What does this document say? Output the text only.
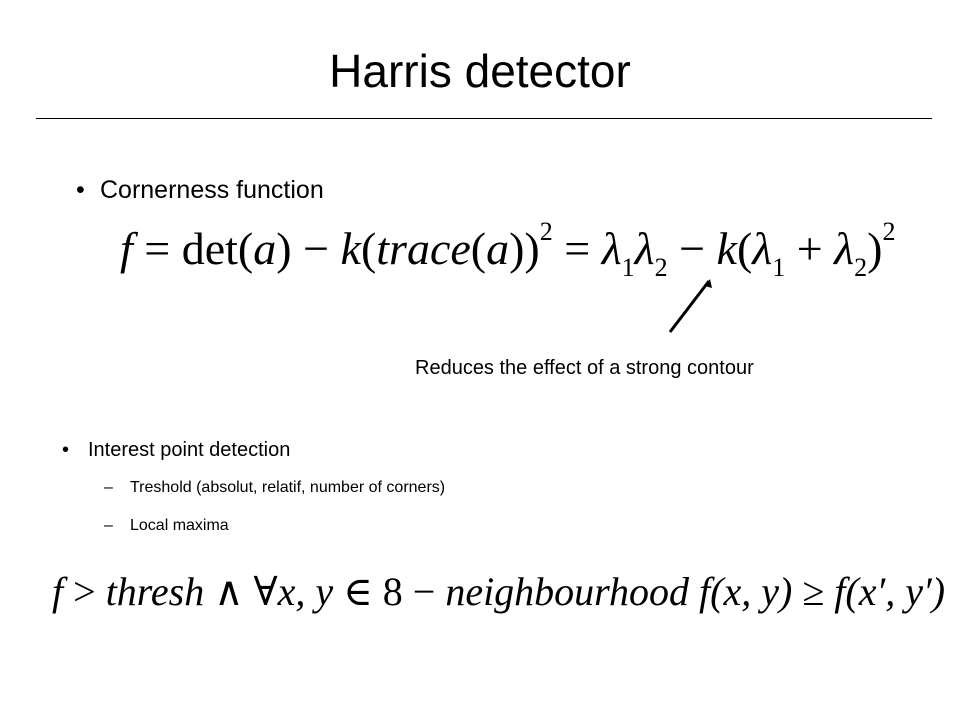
Harris detector
• Cornerness function
f = det(a) − k(trace(a))$^2$ = $\lambda_1\lambda_2 - k(\lambda_1 + \lambda_2)^2$
Reduces the effect of a strong contour
• Interest point detection
– Treshold (absolut, relatif, number of corners)
– Local maxima
f > thresh ∧ ∀x, y ∈ 8 − neighbourhood f(x, y) ≥ f(x′, y′)
